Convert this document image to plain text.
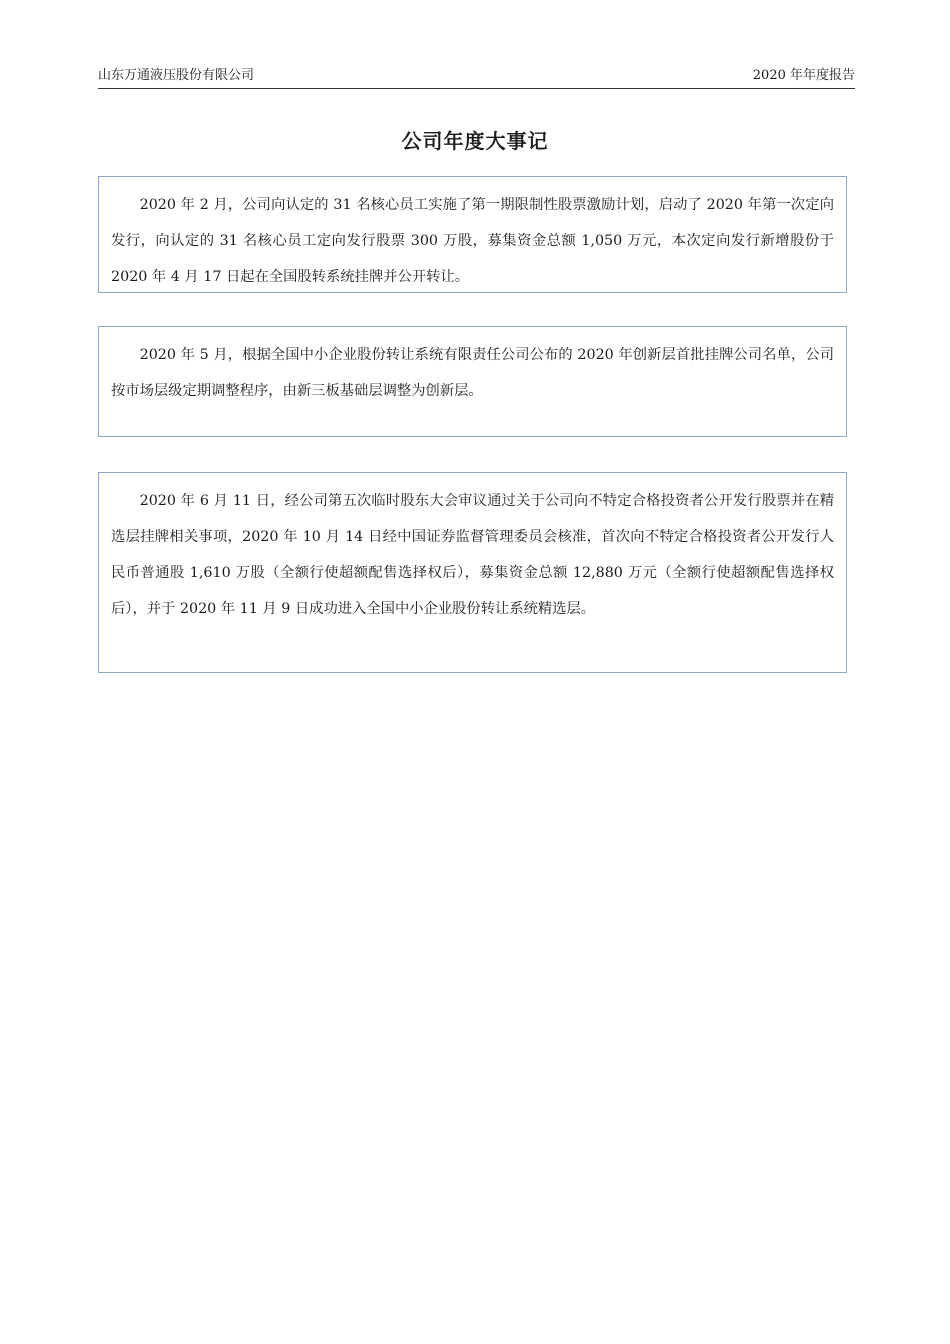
山东万通液压股份有限公司	2020 年年度报告
公司年度大事记

2020 年 2 月，公司向认定的 31 名核心员工实施了第一期限制性股票激励计划，启动了 2020 年第一次定向发行，向认定的 31 名核心员工定向发行股票 300 万股，募集资金总额 1,050 万元，本次定向发行新增股份于 2020 年 4 月 17 日起在全国股转系统挂牌并公开转让。

2020 年 5 月，根据全国中小企业股份转让系统有限责任公司公布的 2020 年创新层首批挂牌公司名单，公司按市场层级定期调整程序，由新三板基础层调整为创新层。

2020 年 6 月 11 日，经公司第五次临时股东大会审议通过关于公司向不特定合格投资者公开发行股票并在精选层挂牌相关事项，2020 年 10 月 14 日经中国证券监督管理委员会核准，首次向不特定合格投资者公开发行人民币普通股 1,610 万股（全额行使超额配售选择权后），募集资金总额 12,880 万元（全额行使超额配售选择权后），并于 2020 年 11 月 9 日成功进入全国中小企业股份转让系统精选层。
